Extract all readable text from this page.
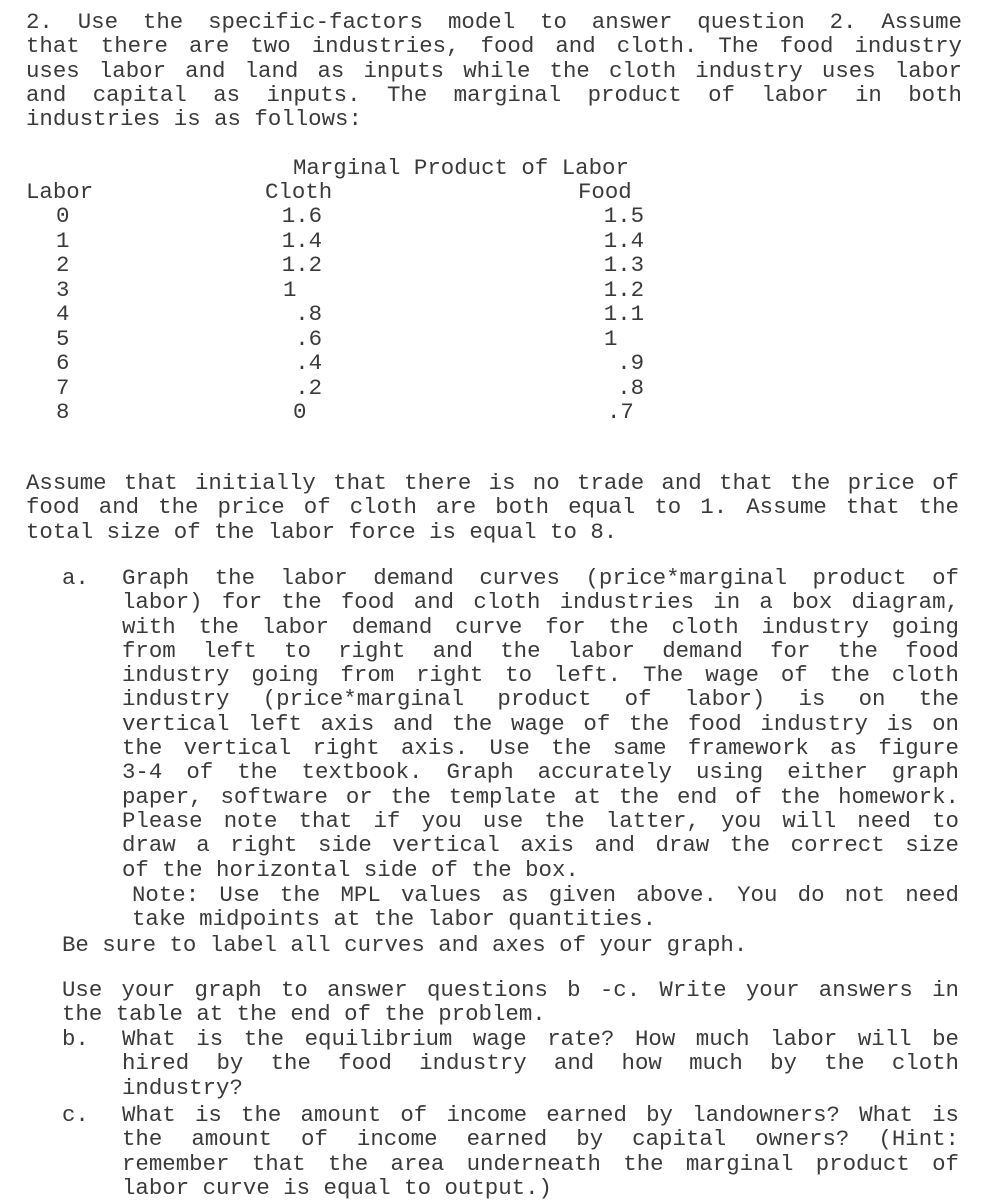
2. Use the specific-factors model to answer question 2. Assume
that there are two industries, food and cloth. The food industry
uses labor and land as inputs while the cloth industry uses labor
and capital as inputs. The marginal product of labor in both
industries is as follows:
Marginal Product of Labor
Labor	Cloth	Food
0	1.6	1.5
1	1.4	1.4
2	1.2	1.3
3	1	1.2
4	.8	1.1
5	.6	1
6	.4	.9
7	.2	.8
8	0	.7
Assume that initially that there is no trade and that the price of
food and the price of cloth are both equal to 1. Assume that the
total size of the labor force is equal to 8.
a. Graph the labor demand curves (price*marginal product of
labor) for the food and cloth industries in a box diagram,
with the labor demand curve for the cloth industry going
from left to right and the labor demand for the food
industry going from right to left. The wage of the cloth
industry (price*marginal product of labor) is on the
vertical left axis and the wage of the food industry is on
the vertical right axis. Use the same framework as figure
3-4 of the textbook. Graph accurately using either graph
paper, software or the template at the end of the homework.
Please note that if you use the latter, you will need to
draw a right side vertical axis and draw the correct size
of the horizontal side of the box.
Note: Use the MPL values as given above. You do not need
take midpoints at the labor quantities.
Be sure to label all curves and axes of your graph.
Use your graph to answer questions b -c. Write your answers in
the table at the end of the problem.
b. What is the equilibrium wage rate? How much labor will be
hired by the food industry and how much by the cloth
industry?
c. What is the amount of income earned by landowners? What is
the amount of income earned by capital owners? (Hint:
remember that the area underneath the marginal product of
labor curve is equal to output.)
